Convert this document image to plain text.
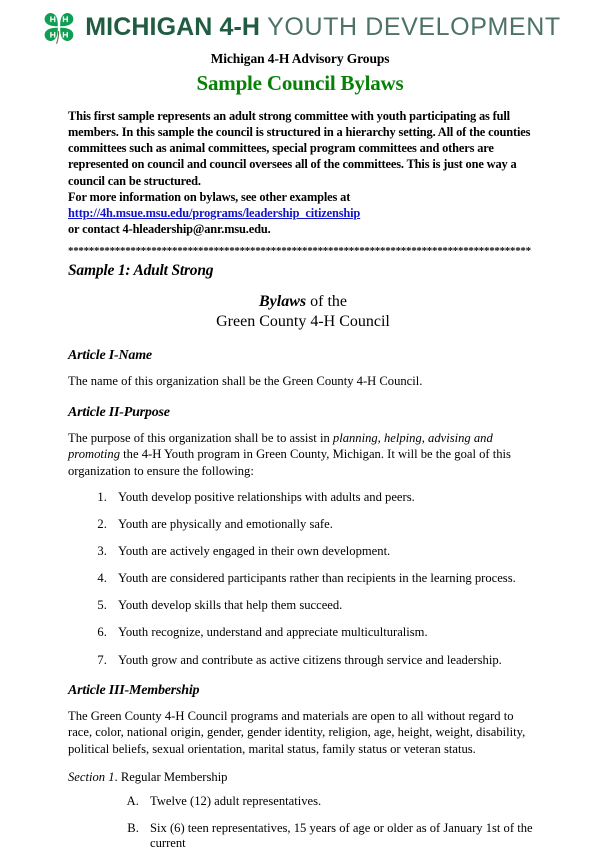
MICHIGAN 4-H YOUTH DEVELOPMENT
Michigan 4-H Advisory Groups
Sample Council Bylaws

This first sample represents an adult strong committee with youth participating as full members. In this sample the council is structured in a hierarchy setting. All of the counties committees such as animal committees, special program committees and others are represented on council and council oversees all of the committees. This is just one way a council can be structured.

For more information on bylaws, see other examples at

http://4h.msue.msu.edu/programs/leadership_citizenship

or contact 4-hleadership@anr.msu.edu.

*****************************************************************************************
Sample 1: Adult Strong
Bylaws of the
Green County 4-H Council
Article I-Name
The name of this organization shall be the Green County 4-H Council.
Article II-Purpose
The purpose of this organization shall be to assist in planning, helping, advising and promoting the 4-H Youth program in Green County, Michigan. It will be the goal of this organization to ensure the following:
1. Youth develop positive relationships with adults and peers.
2. Youth are physically and emotionally safe.
3. Youth are actively engaged in their own development.
4. Youth are considered participants rather than recipients in the learning process.
5. Youth develop skills that help them succeed.
6. Youth recognize, understand and appreciate multiculturalism.
7. Youth grow and contribute as active citizens through service and leadership.
Article III-Membership
The Green County 4-H Council programs and materials are open to all without regard to race, color, national origin, gender, gender identity, religion, age, height, weight, disability, political beliefs, sexual orientation, marital status, family status or veteran status.
Section 1. Regular Membership
A. Twelve (12) adult representatives.
B. Six (6) teen representatives, 15 years of age or older as of January 1st of the current
